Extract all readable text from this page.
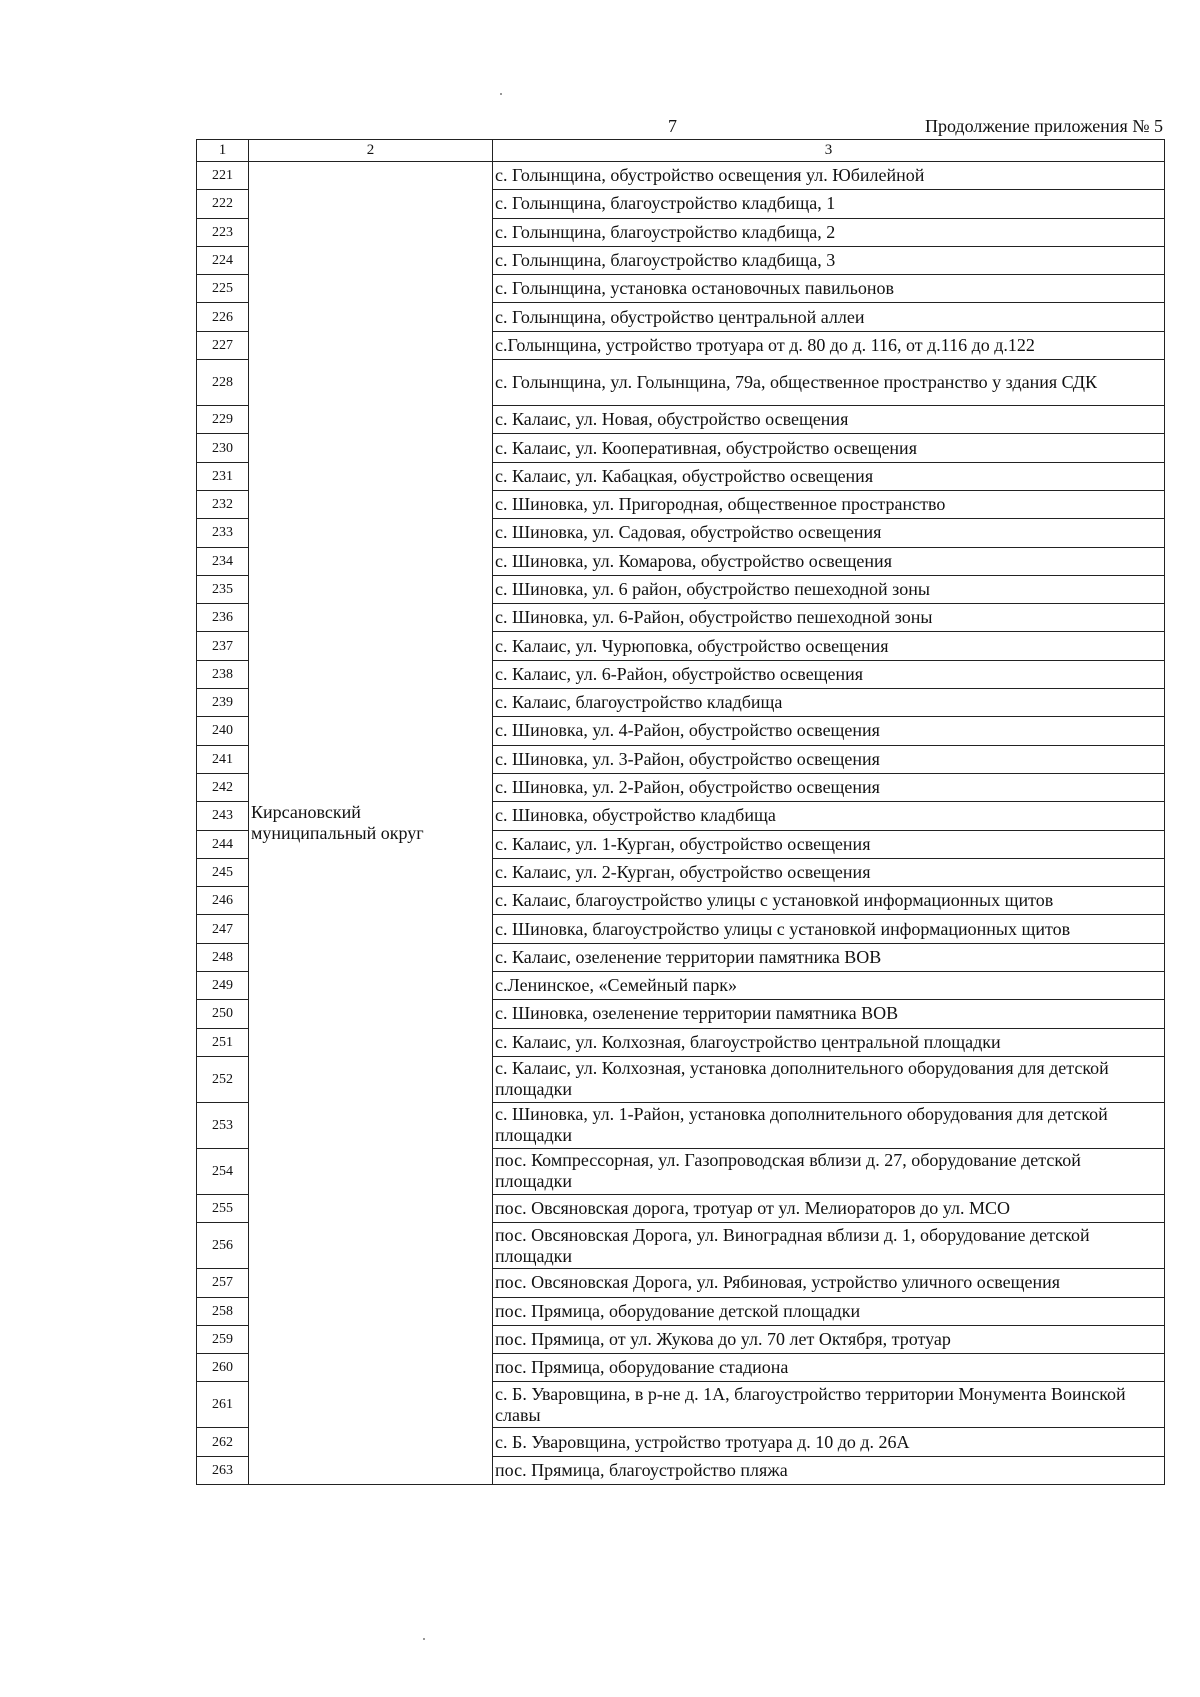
7	Продолжение приложения № 5
1	2	3
221	Кирсановский муниципальный округ	с. Голынщина, обустройство освещения ул. Юбилейной
222		с. Голынщина, благоустройство кладбища, 1
223		с. Голынщина, благоустройство кладбища, 2
224		с. Голынщина, благоустройство кладбища, 3
225		с. Голынщина, установка остановочных павильонов
226		с. Голынщина, обустройство центральной аллеи
227		с.Голынщина, устройство тротуара от д. 80 до д. 116, от д.116 до д.122
228		с. Голынщина, ул. Голынщина, 79а, общественное пространство у здания СДК
229		с. Калаис, ул. Новая, обустройство освещения
230		с. Калаис, ул. Кооперативная, обустройство освещения
231		с. Калаис, ул. Кабацкая, обустройство освещения
232		с. Шиновка, ул. Пригородная, общественное пространство
233		с. Шиновка, ул. Садовая, обустройство освещения
234		с. Шиновка, ул. Комарова, обустройство освещения
235		с. Шиновка, ул. 6 район, обустройство пешеходной зоны
236		с. Шиновка, ул. 6-Район, обустройство пешеходной зоны
237		с. Калаис, ул. Чурюповка, обустройство освещения
238		с. Калаис, ул. 6-Район, обустройство освещения
239		с. Калаис, благоустройство кладбища
240		с. Шиновка, ул. 4-Район, обустройство освещения
241		с. Шиновка, ул. 3-Район, обустройство освещения
242		с. Шиновка, ул. 2-Район, обустройство освещения
243		с. Шиновка, обустройство кладбища
244		с. Калаис, ул. 1-Курган, обустройство освещения
245		с. Калаис, ул. 2-Курган, обустройство освещения
246		с. Калаис, благоустройство улицы с установкой информационных щитов
247		с. Шиновка, благоустройство улицы с установкой информационных щитов
248		с. Калаис, озеленение территории памятника ВОВ
249		с.Ленинское, «Семейный парк»
250		с. Шиновка, озеленение территории памятника ВОВ
251		с. Калаис, ул. Колхозная, благоустройство центральной площадки
252		с. Калаис, ул. Колхозная, установка дополнительного оборудования для детской площадки
253		с. Шиновка, ул. 1-Район, установка дополнительного оборудования для детской площадки
254		пос. Компрессорная, ул. Газопроводская вблизи д. 27, оборудование детской площадки
255		пос. Овсяновская дорога, тротуар от ул. Мелиораторов до ул. МСО
256		пос. Овсяновская Дорога, ул. Виноградная вблизи д. 1, оборудование детской площадки
257		пос. Овсяновская Дорога, ул. Рябиновая, устройство уличного освещения
258		пос. Прямица, оборудование детской площадки
259		пос. Прямица, от ул. Жукова до ул. 70 лет Октября, тротуар
260		пос. Прямица, оборудование стадиона
261		с. Б. Уваровщина, в р-не д. 1А, благоустройство территории Монумента Воинской славы
262		с. Б. Уваровщина, устройство тротуара д. 10 до д. 26А
263		пос. Прямица, благоустройство пляжа
